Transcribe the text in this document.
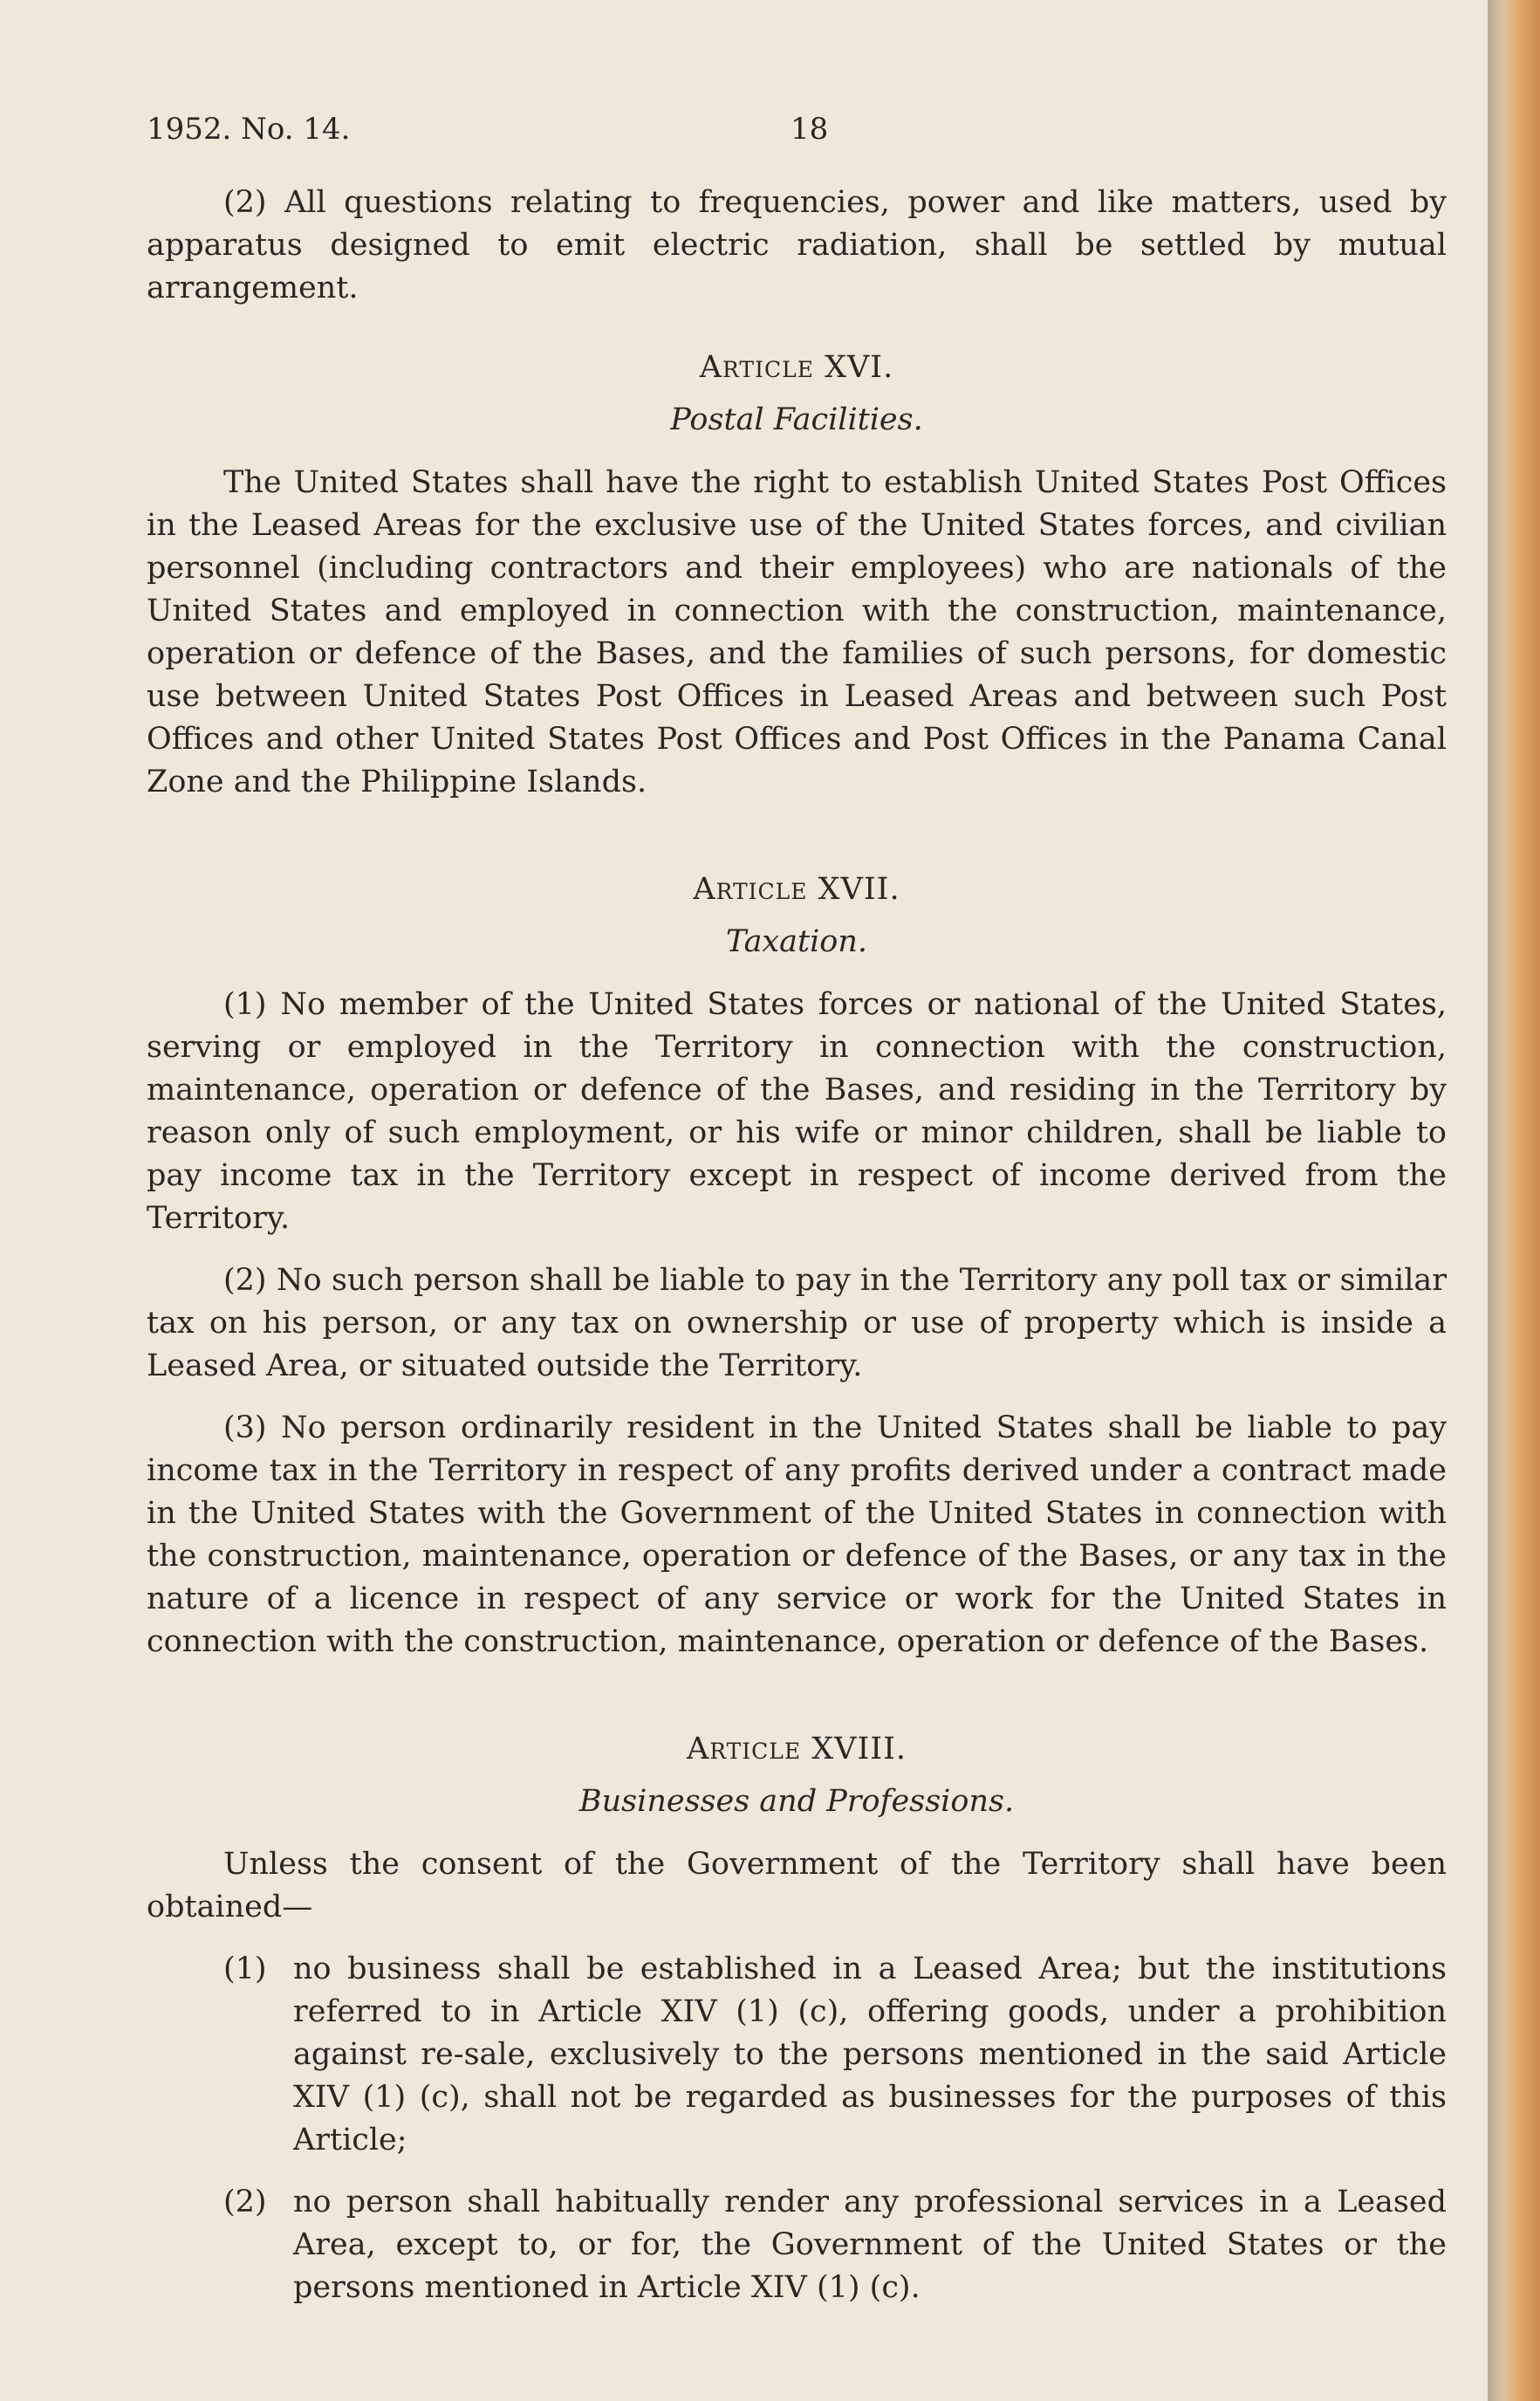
1952. No. 14.	18

(2) All questions relating to frequencies, power and like matters, used by apparatus designed to emit electric radiation, shall be settled by mutual arrangement.

Article XVI.

Postal Facilities.

The United States shall have the right to establish United States Post Offices in the Leased Areas for the exclusive use of the United States forces, and civilian personnel (including contractors and their employees) who are nationals of the United States and employed in connection with the construction, maintenance, operation or defence of the Bases, and the families of such persons, for domestic use between United States Post Offices in Leased Areas and between such Post Offices and other United States Post Offices and Post Offices in the Panama Canal Zone and the Philippine Islands.

Article XVII.

Taxation.

(1) No member of the United States forces or national of the United States, serving or employed in the Territory in connection with the construction, maintenance, operation or defence of the Bases, and residing in the Territory by reason only of such employment, or his wife or minor children, shall be liable to pay income tax in the Territory except in respect of income derived from the Territory.

(2) No such person shall be liable to pay in the Territory any poll tax or similar tax on his person, or any tax on ownership or use of property which is inside a Leased Area, or situated outside the Territory.

(3) No person ordinarily resident in the United States shall be liable to pay income tax in the Territory in respect of any profits derived under a contract made in the United States with the Government of the United States in connection with the construction, maintenance, operation or defence of the Bases, or any tax in the nature of a licence in respect of any service or work for the United States in connection with the construction, maintenance, operation or defence of the Bases.

Article XVIII.

Businesses and Professions.

Unless the consent of the Government of the Territory shall have been obtained—

(1) no business shall be established in a Leased Area; but the institutions referred to in Article XIV (1) (c), offering goods, under a prohibition against re-sale, exclusively to the persons mentioned in the said Article XIV (1) (c), shall not be regarded as businesses for the purposes of this Article;
(2) no person shall habitually render any professional services in a Leased Area, except to, or for, the Government of the United States or the persons mentioned in Article XIV (1) (c).
